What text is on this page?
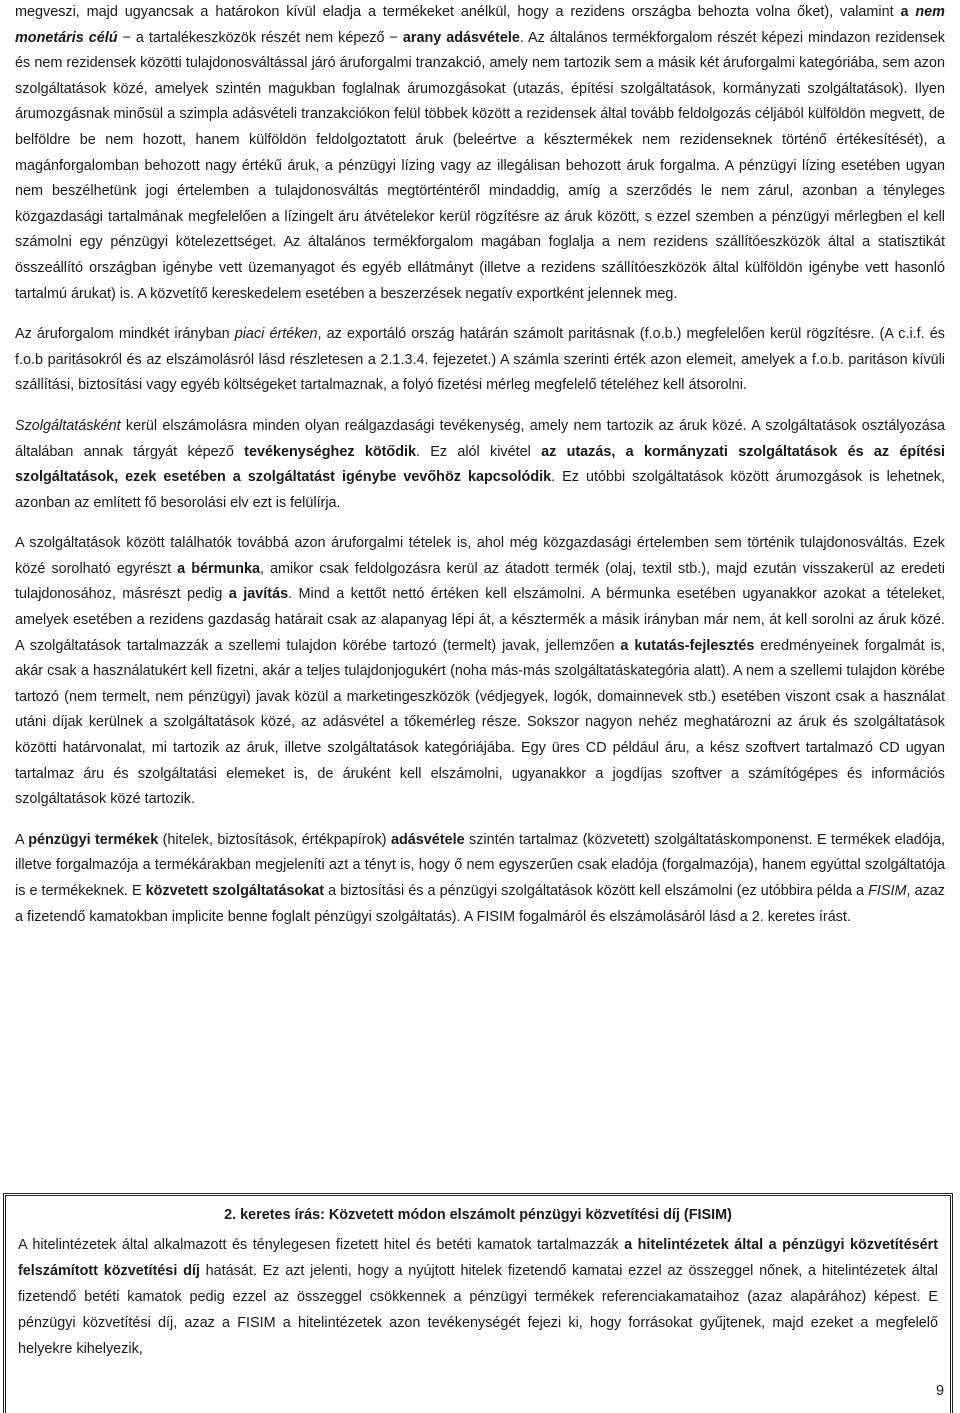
megveszi, majd ugyancsak a határokon kívül eladja a termékeket anélkül, hogy a rezidens országba behozta volna őket), valamint a nem monetáris célú − a tartalékeszközök részét nem képező − arany adásvétele. Az általános termékforgalom részét képezi mindazon rezidensek és nem rezidensek közötti tulajdonosváltással járó áruforgalmi tranzakció, amely nem tartozik sem a másik két áruforgalmi kategóriába, sem azon szolgáltatások közé, amelyek szintén magukban foglalnak árumozgásokat (utazás, építési szolgáltatások, kormányzati szolgáltatások). Ilyen árumozgásnak minősül a szimpla adásvételi tranzakciókon felül többek között a rezidensek által tovább feldolgozás céljából külföldön megvett, de belföldre be nem hozott, hanem külföldön feldolgoztatott áruk (beleértve a késztermékek nem rezidenseknek történő értékesítését), a magánforgalomban behozott nagy értékű áruk, a pénzügyi lízing vagy az illegálisan behozott áruk forgalma. A pénzügyi lízing esetében ugyan nem beszélhetünk jogi értelemben a tulajdonosváltás megtörténtéről mindaddig, amíg a szerződés le nem zárul, azonban a tényleges közgazdasági tartalmának megfelelően a lízingelt áru átvételekor kerül rögzítésre az áruk között, s ezzel szemben a pénzügyi mérlegben el kell számolni egy pénzügyi kötelezettséget. Az általános termékforgalom magában foglalja a nem rezidens szállítóeszközök által a statisztikát összeállító országban igénybe vett üzemanyagot és egyéb ellátmányt (illetve a rezidens szállítóeszközök által külföldön igénybe vett hasonló tartalmú árukat) is. A közvetítő kereskedelem esetében a beszerzések negatív exportként jelennek meg.

Az áruforgalom mindkét irányban piaci értéken, az exportáló ország határán számolt paritásnak (f.o.b.) megfelelően kerül rögzítésre. (A c.i.f. és f.o.b paritásokról és az elszámolásról lásd részletesen a 2.1.3.4. fejezetet.) A számla szerinti érték azon elemeit, amelyek a f.o.b. paritáson kívüli szállítási, biztosítási vagy egyéb költségeket tartalmaznak, a folyó fizetési mérleg megfelelő tételéhez kell átsorolni.

Szolgáltatásként kerül elszámolásra minden olyan reálgazdasági tevékenység, amely nem tartozik az áruk közé. A szolgáltatások osztályozása általában annak tárgyát képező tevékenységhez kötődik. Ez alól kivétel az utazás, a kormányzati szolgáltatások és az építési szolgáltatások, ezek esetében a szolgáltatást igénybe vevőhöz kapcsolódik. Ez utóbbi szolgáltatások között árumozgások is lehetnek, azonban az említett fő besorolási elv ezt is felülírja.

A szolgáltatások között találhatók továbbá azon áruforgalmi tételek is, ahol még közgazdasági értelemben sem történik tulajdonosváltás. Ezek közé sorolható egyrészt a bérmunka, amikor csak feldolgozásra kerül az átadott termék (olaj, textil stb.), majd ezután visszakerül az eredeti tulajdonosához, másrészt pedig a javítás. Mind a kettőt nettó értéken kell elszámolni. A bérmunka esetében ugyanakkor azokat a tételeket, amelyek esetében a rezidens gazdaság határait csak az alapanyag lépi át, a késztermék a másik irányban már nem, át kell sorolni az áruk közé. A szolgáltatások tartalmazzák a szellemi tulajdon körébe tartozó (termelt) javak, jellemzően a kutatás-fejlesztés eredményeinek forgalmát is, akár csak a használatukért kell fizetni, akár a teljes tulajdonjogukért (noha más-más szolgáltatáskategória alatt). A nem a szellemi tulajdon körébe tartozó (nem termelt, nem pénzügyi) javak közül a marketingeszközök (védjegyek, logók, domainnevek stb.) esetében viszont csak a használat utáni díjak kerülnek a szolgáltatások közé, az adásvétel a tőkemérleg része. Sokszor nagyon nehéz meghatározni az áruk és szolgáltatások közötti határvonalat, mi tartozik az áruk, illetve szolgáltatások kategóriájába. Egy üres CD például áru, a kész szoftvert tartalmazó CD ugyan tartalmaz áru és szolgáltatási elemeket is, de áruként kell elszámolni, ugyanakkor a jogdíjas szoftver a számítógépes és információs szolgáltatások közé tartozik.

A pénzügyi termékek (hitelek, biztosítások, értékpapírok) adásvétele szintén tartalmaz (közvetett) szolgáltatáskomponenst. E termékek eladója, illetve forgalmazója a termékárakban megjeleníti azt a tényt is, hogy ő nem egyszerűen csak eladója (forgalmazója), hanem egyúttal szolgáltatója is e termékeknek. E közvetett szolgáltatásokat a biztosítási és a pénzügyi szolgáltatások között kell elszámolni (ez utóbbira példa a FISIM, azaz a fizetendő kamatokban implicite benne foglalt pénzügyi szolgáltatás). A FISIM fogalmáról és elszámolásáról lásd a 2. keretes írást.

2. keretes írás: Közvetett módon elszámolt pénzügyi közvetítési díj (FISIM)

A hitelintézetek által alkalmazott és ténylegesen fizetett hitel és betéti kamatok tartalmazzák a hitelintézetek által a pénzügyi közvetítésért felszámított közvetítési díj hatását. Ez azt jelenti, hogy a nyújtott hitelek fizetendő kamatai ezzel az összeggel nőnek, a hitelintézetek által fizetendő betéti kamatok pedig ezzel az összeggel csökkennek a pénzügyi termékek referenciakamataihoz (azaz alapárához) képest. E pénzügyi közvetítési díj, azaz a FISIM a hitelintézetek azon tevékenységét fejezi ki, hogy forrásokat gyűjtenek, majd ezeket a megfelelő helyekre kihelyezik,

9
